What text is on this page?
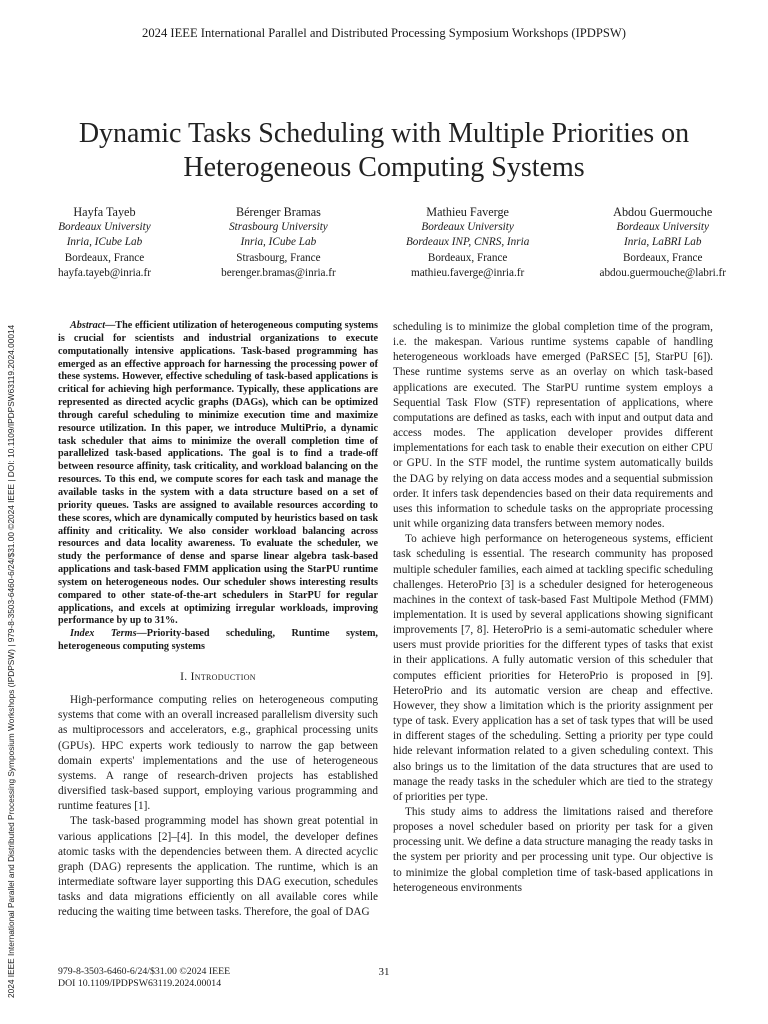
2024 IEEE International Parallel and Distributed Processing Symposium Workshops (IPDPSW)
2024 IEEE International Parallel and Distributed Processing Symposium Workshops (IPDPSW) | 979-8-3503-6460-6/24/$31.00 ©2024 IEEE | DOI: 10.1109/IPDPSW63119.2024.00014
Dynamic Tasks Scheduling with Multiple Priorities on Heterogeneous Computing Systems
Hayfa Tayeb
Bordeaux University
Inria, ICube Lab
Bordeaux, France
hayfa.tayeb@inria.fr
Bérenger Bramas
Strasbourg University
Inria, ICube Lab
Strasbourg, France
berenger.bramas@inria.fr
Mathieu Faverge
Bordeaux University
Bordeaux INP, CNRS, Inria
Bordeaux, France
mathieu.faverge@inria.fr
Abdou Guermouche
Bordeaux University
Inria, LaBRI Lab
Bordeaux, France
abdou.guermouche@labri.fr

Abstract—The efficient utilization of heterogeneous computing systems is crucial for scientists and industrial organizations to execute computationally intensive applications. Task-based programming has emerged as an effective approach for harnessing the processing power of these systems. However, effective scheduling of task-based applications is critical for achieving high performance. Typically, these applications are represented as directed acyclic graphs (DAGs), which can be optimized through careful scheduling to minimize execution time and maximize resource utilization. In this paper, we introduce MultiPrio, a dynamic task scheduler that aims to minimize the overall completion time of parallelized task-based applications. The goal is to find a trade-off between resource affinity, task criticality, and workload balancing on the resources. To this end, we compute scores for each task and manage the available tasks in the system with a data structure based on a set of priority queues. Tasks are assigned to available resources according to these scores, which are dynamically computed by heuristics based on task affinity and criticality. We also consider workload balancing across resources and data locality awareness. To evaluate the scheduler, we study the performance of dense and sparse linear algebra task-based applications and task-based FMM application using the StarPU runtime system on heterogeneous nodes. Our scheduler shows interesting results compared to other state-of-the-art schedulers in StarPU for regular applications, and excels at optimizing irregular workloads, improving performance by up to 31%.

Index Terms—Priority-based scheduling, Runtime system, heterogeneous computing systems

I. Introduction

High-performance computing relies on heterogeneous computing systems that come with an overall increased parallelism diversity such as multiprocessors and accelerators, e.g., graphical processing units (GPUs). HPC experts work tediously to narrow the gap between domain experts' implementations and the use of heterogeneous systems. A range of research-driven projects has established diversified task-based support, employing various programming and runtime features [1].

The task-based programming model has shown great potential in various applications [2]–[4]. In this model, the developer defines atomic tasks with the dependencies between them. A directed acyclic graph (DAG) represents the application. The runtime, which is an intermediate software layer supporting this DAG execution, schedules tasks and data migrations efficiently on all available cores while reducing the waiting time between tasks. Therefore, the goal of DAG

scheduling is to minimize the global completion time of the program, i.e. the makespan. Various runtime systems capable of handling heterogeneous workloads have emerged (PaRSEC [5], StarPU [6]). These runtime systems serve as an overlay on which task-based applications are executed. The StarPU runtime system employs a Sequential Task Flow (STF) representation of applications, where computations are defined as tasks, each with input and output data and access modes. The application developer provides different implementations for each task to enable their execution on either CPU or GPU. In the STF model, the runtime system automatically builds the DAG by relying on data access modes and a sequential submission order. It infers task dependencies based on their data requirements and uses this information to schedule tasks on the appropriate processing unit while organizing data transfers between memory nodes.

To achieve high performance on heterogeneous systems, efficient task scheduling is essential. The research community has proposed multiple scheduler families, each aimed at tackling specific scheduling challenges. HeteroPrio [3] is a scheduler designed for heterogeneous machines in the context of task-based Fast Multipole Method (FMM) implementation. It is used by several applications showing significant improvements [7, 8]. HeteroPrio is a semi-automatic scheduler where users must provide priorities for the different types of tasks that exist in their applications. A fully automatic version of this scheduler that computes efficient priorities for HeteroPrio is proposed in [9]. HeteroPrio and its automatic version are cheap and effective. However, they show a limitation which is the priority assignment per type of task. Every application has a set of task types that will be used in different stages of the scheduling. Setting a priority per type could hide relevant information related to a given scheduling context. This also brings us to the limitation of the data structures that are used to manage the ready tasks in the scheduler which are tied to the strategy of priorities per type.

This study aims to address the limitations raised and therefore proposes a novel scheduler based on priority per task for a given processing unit. We define a data structure managing the ready tasks in the system per priority and per processing unit type. Our objective is to minimize the global completion time of task-based applications in heterogeneous environments

979-8-3503-6460-6/24/$31.00 ©2024 IEEE
DOI 10.1109/IPDPSW63119.2024.00014
31
